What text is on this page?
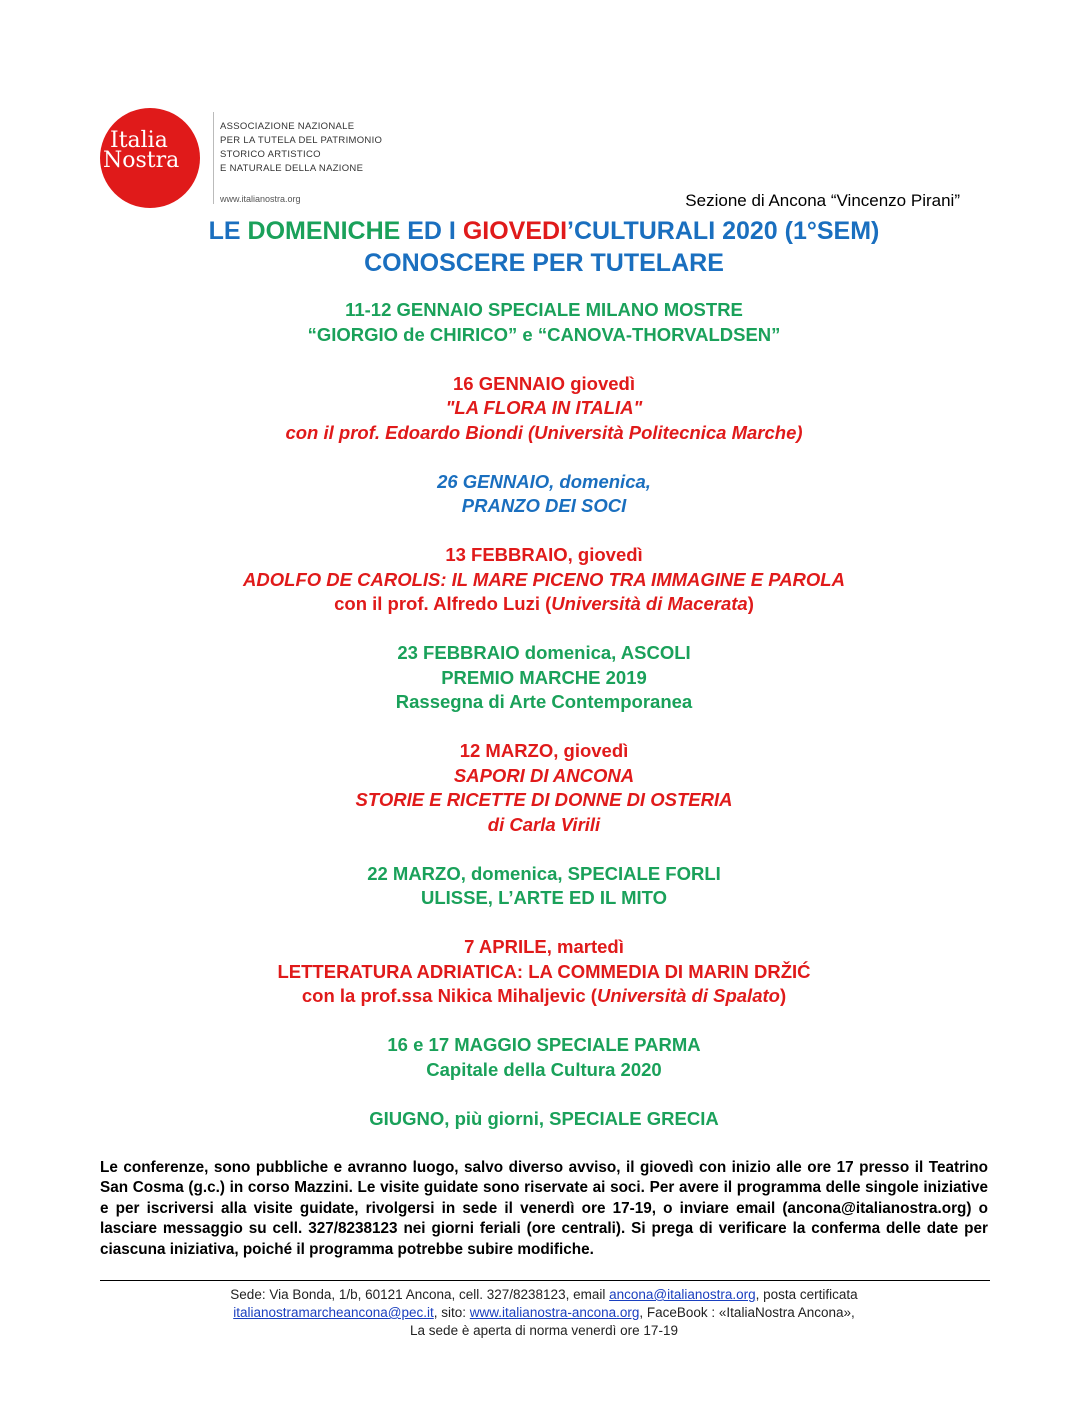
Italia
Nostra
ASSOCIAZIONE NAZIONALE
PER LA TUTELA DEL PATRIMONIO
STORICO ARTISTICO
E NATURALE DELLA NAZIONE
www.italianostra.org	Sezione di Ancona “Vincenzo Pirani”
LE DOMENICHE ED I GIOVEDI’CULTURALI 2020 (1°SEM)
CONOSCERE PER TUTELARE
11-12 GENNAIO SPECIALE MILANO MOSTRE
“GIORGIO de CHIRICO” e “CANOVA-THORVALDSEN”
16 GENNAIO giovedì
"LA FLORA IN ITALIA"
con il prof. Edoardo Biondi (Università Politecnica Marche)
26 GENNAIO, domenica,
PRANZO DEI SOCI
13 FEBBRAIO, giovedì
ADOLFO DE CAROLIS: IL MARE PICENO TRA IMMAGINE E PAROLA
con il prof. Alfredo Luzi (Università di Macerata)
23 FEBBRAIO domenica, ASCOLI
PREMIO MARCHE 2019
Rassegna di Arte Contemporanea
12 MARZO, giovedì
SAPORI DI ANCONA
STORIE E RICETTE DI DONNE DI OSTERIA
di Carla Virili
22 MARZO, domenica, SPECIALE FORLI
ULISSE, L’ARTE ED IL MITO
7 APRILE, martedì
LETTERATURA ADRIATICA: LA COMMEDIA DI MARIN DRŽIĆ
con la prof.ssa Nikica Mihaljevic (Università di Spalato)
16 e 17 MAGGIO SPECIALE PARMA
Capitale della Cultura 2020
GIUGNO, più giorni, SPECIALE GRECIA
Le conferenze, sono pubbliche e avranno luogo, salvo diverso avviso, il giovedì con inizio alle ore 17 presso il Teatrino San Cosma (g.c.) in corso Mazzini. Le visite guidate sono riservate ai soci. Per avere il programma delle singole iniziative e per iscriversi alla visite guidate, rivolgersi in sede il venerdì ore 17-19, o inviare email (ancona@italianostra.org) o lasciare messaggio su cell. 327/8238123 nei giorni feriali (ore centrali). Si prega di verificare la conferma delle date per ciascuna iniziativa, poiché il programma potrebbe subire modifiche.
Sede: Via Bonda, 1/b, 60121 Ancona, cell. 327/8238123, email ancona@italianostra.org, posta certificata
italianostramarcheancona@pec.it, sito: www.italianostra-ancona.org, FaceBook : «ItaliaNostra Ancona»,
La sede è aperta di norma venerdì ore 17-19
